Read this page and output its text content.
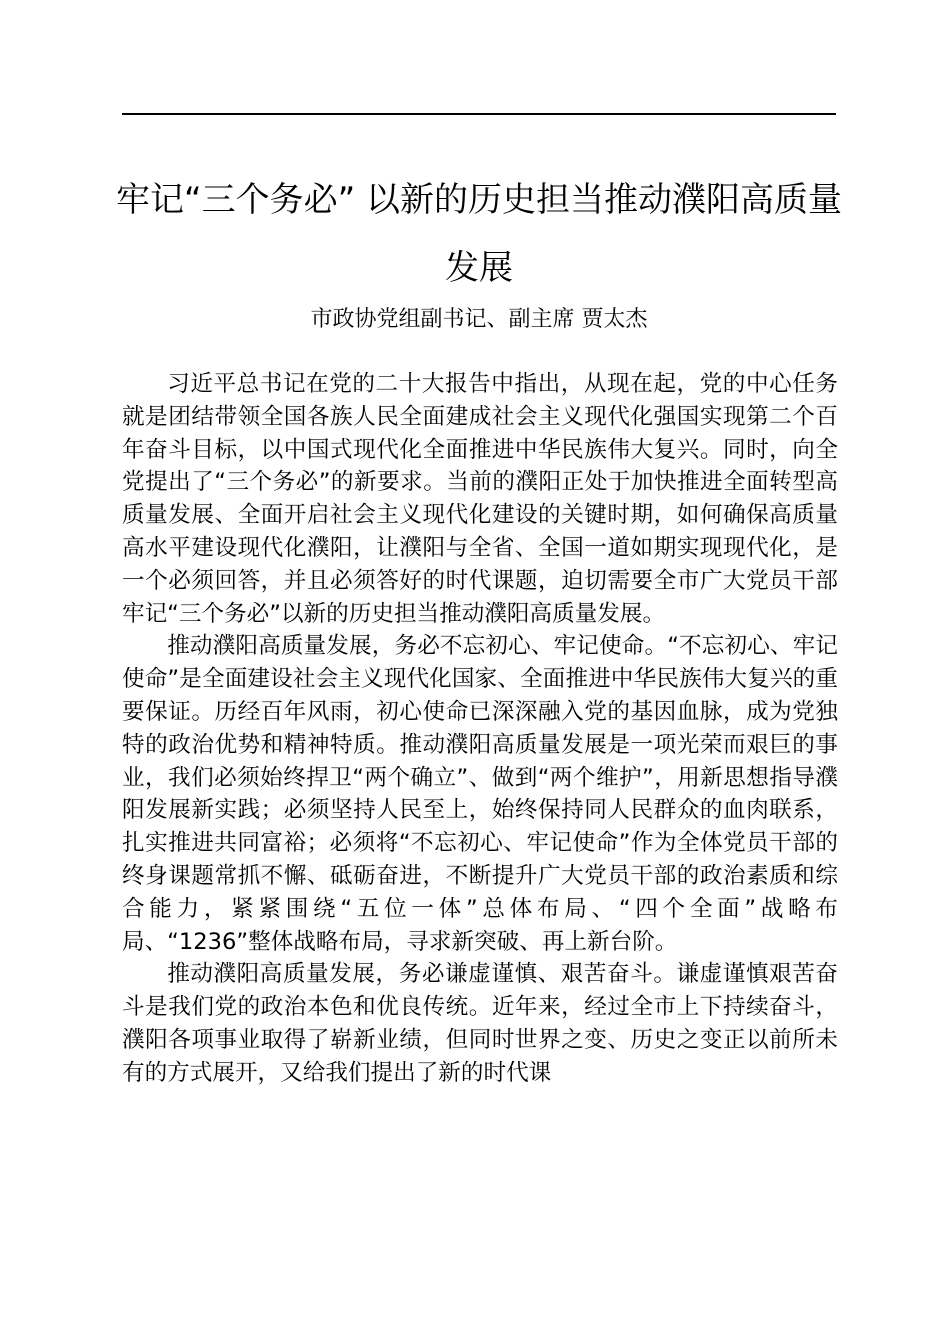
牢记“三个务必” 以新的历史担当推动濮阳高质量发展

市政协党组副书记、副主席 贾太杰

习近平总书记在党的二十大报告中指出，从现在起，党的中心任务就是团结带领全国各族人民全面建成社会主义现代化强国实现第二个百年奋斗目标，以中国式现代化全面推进中华民族伟大复兴。同时，向全党提出了“三个务必”的新要求。当前的濮阳正处于加快推进全面转型高质量发展、全面开启社会主义现代化建设的关键时期，如何确保高质量高水平建设现代化濮阳，让濮阳与全省、全国一道如期实现现代化，是一个必须回答，并且必须答好的时代课题，迫切需要全市广大党员干部牢记“三个务必”以新的历史担当推动濮阳高质量发展。

推动濮阳高质量发展，务必不忘初心、牢记使命。“不忘初心、牢记使命”是全面建设社会主义现代化国家、全面推进中华民族伟大复兴的重要保证。历经百年风雨，初心使命已深深融入党的基因血脉，成为党独特的政治优势和精神特质。推动濮阳高质量发展是一项光荣而艰巨的事业，我们必须始终捍卫“两个确立”、做到“两个维护”，用新思想指导濮阳发展新实践；必须坚持人民至上，始终保持同人民群众的血肉联系，扎实推进共同富裕；必须将“不忘初心、牢记使命”作为全体党员干部的终身课题常抓不懈、砥砺奋进，不断提升广大党员干部的政治素质和综合能力，紧紧围绕“五位一体”总体布局、“四个全面”战略布局、“1236”整体战略布局，寻求新突破、再上新台阶。

推动濮阳高质量发展，务必谦虚谨慎、艰苦奋斗。谦虚谨慎艰苦奋斗是我们党的政治本色和优良传统。近年来，经过全市上下持续奋斗，濮阳各项事业取得了崭新业绩，但同时世界之变、历史之变正以前所未有的方式展开，又给我们提出了新的时代课
